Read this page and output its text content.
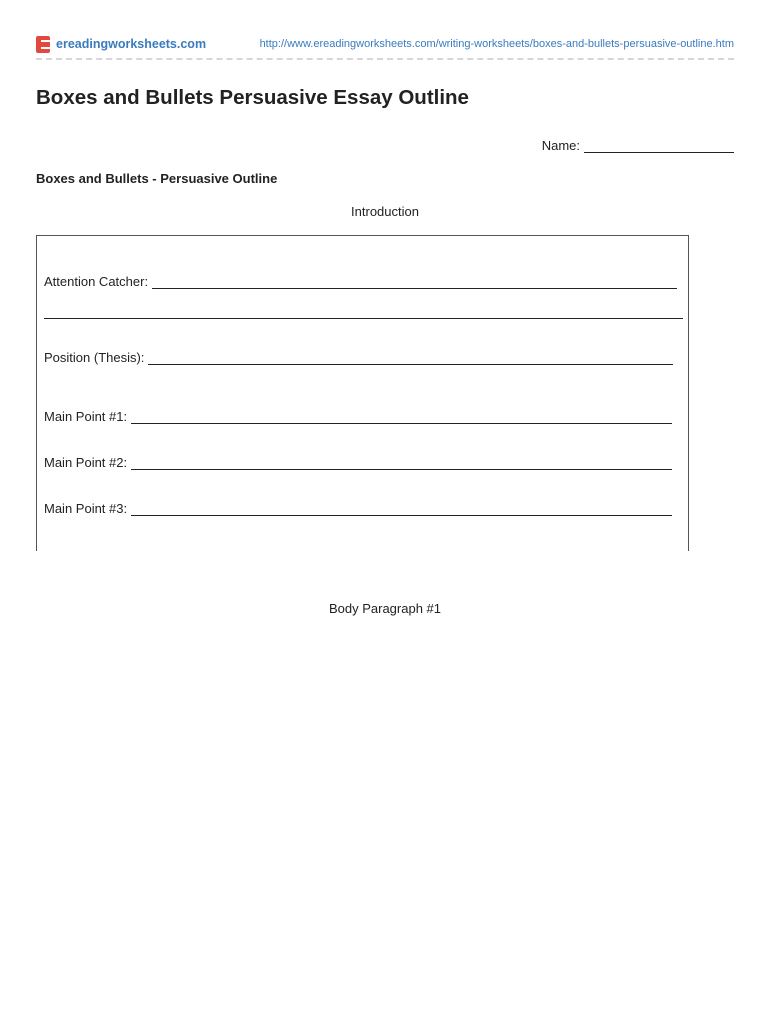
ereadingworksheets.com	http://www.ereadingworksheets.com/writing-worksheets/boxes-and-bullets-persuasive-outline.htm
Boxes and Bullets Persuasive Essay Outline
Name:
Boxes and Bullets - Persuasive Outline
Introduction
Attention Catcher:
Position (Thesis):
Main Point #1:
Main Point #2:
Main Point #3:
Body Paragraph #1
